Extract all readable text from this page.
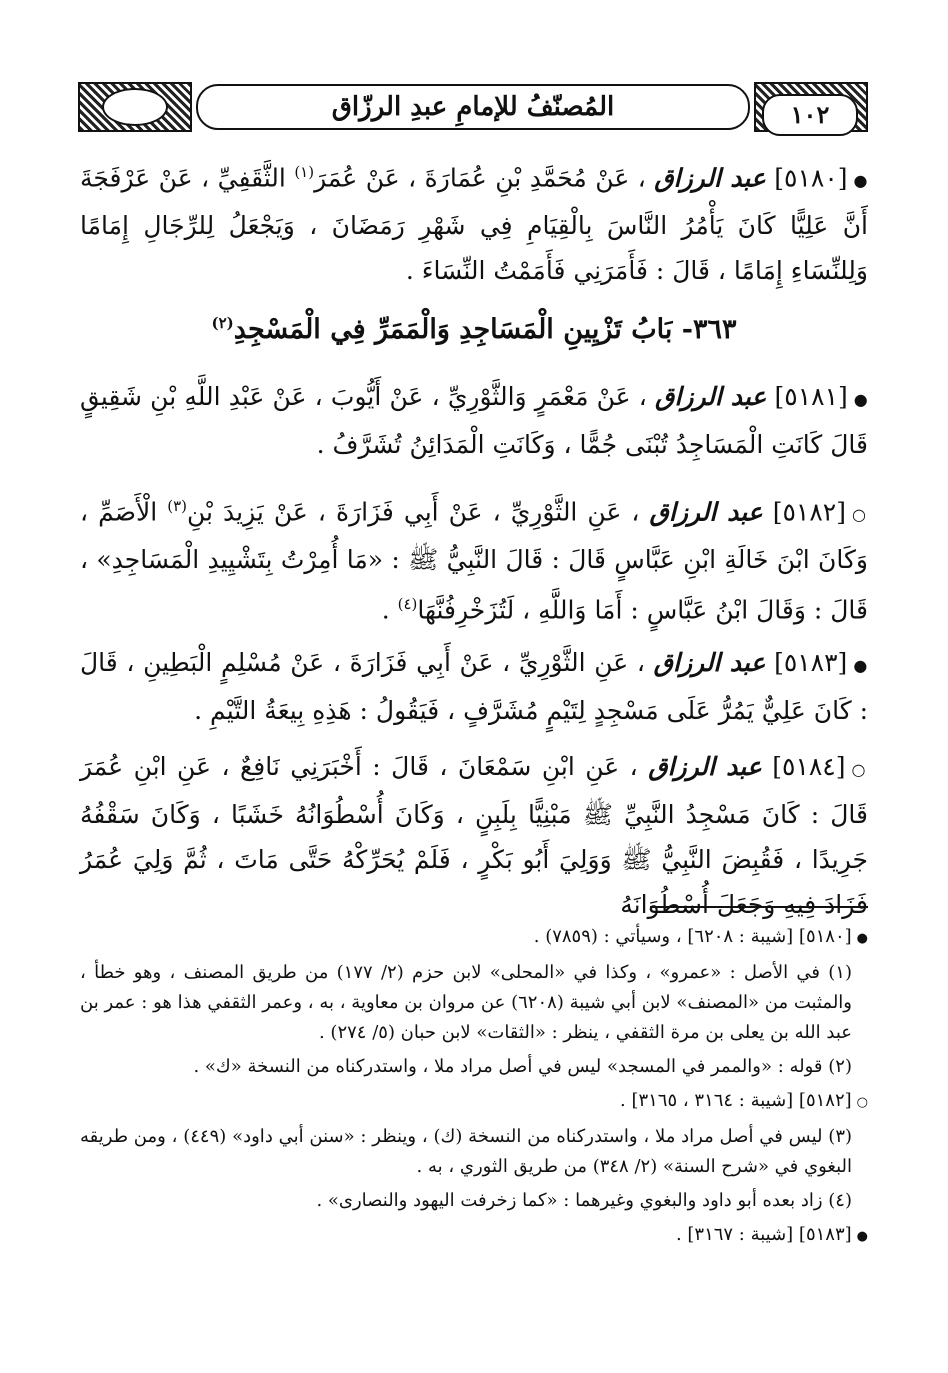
المُصنّفُ للإمامِ عبدِ الرزّاق	١٠٢

●[٥١٨٠] عبد الرزاق ، عَنْ مُحَمَّدِ بْنِ عُمَارَةَ ، عَنْ عُمَرَ$^{(١)}$ الثَّقَفِيِّ ، عَنْ عَرْفَجَةَ أَنَّ عَلِيًّا كَانَ يَأْمُرُ النَّاسَ بِالْقِيَامِ فِي شَهْرِ رَمَضَانَ ، وَيَجْعَلُ لِلرِّجَالِ إِمَامًا وَلِلنِّسَاءِ إِمَامًا ، قَالَ : فَأَمَرَنِي فَأَمَمْتُ النِّسَاءَ .

٣٦٣- بَابُ تَزْيِينِ الْمَسَاجِدِ وَالْمَمَرِّ فِي الْمَسْجِدِ$^{(٢)}$

●[٥١٨١] عبد الرزاق ، عَنْ مَعْمَرٍ وَالثَّوْرِيِّ ، عَنْ أَيُّوبَ ، عَنْ عَبْدِ اللَّهِ بْنِ شَقِيقٍ قَالَ كَانَتِ الْمَسَاجِدُ تُبْنَى جُمًّا ، وَكَانَتِ الْمَدَائِنُ تُشَرَّفُ .

○[٥١٨٢] عبد الرزاق ، عَنِ الثَّوْرِيِّ ، عَنْ أَبِي فَزَارَةَ ، عَنْ يَزِيدَ بْنِ$^{(٣)}$ الْأَصَمِّ ، وَكَانَ ابْنَ خَالَةِ ابْنِ عَبَّاسٍ قَالَ : قَالَ النَّبِيُّ ﷺ : «مَا أُمِرْتُ بِتَشْيِيدِ الْمَسَاجِدِ» ، قَالَ : وَقَالَ ابْنُ عَبَّاسٍ : أَمَا وَاللَّهِ ، لَتُزَخْرِفُنَّهَا$^{(٤)}$ .

●[٥١٨٣] عبد الرزاق ، عَنِ الثَّوْرِيِّ ، عَنْ أَبِي فَزَارَةَ ، عَنْ مُسْلِمٍ الْبَطِينِ ، قَالَ : كَانَ عَلِيٌّ يَمُرُّ عَلَى مَسْجِدٍ لِتَيْمٍ مُشَرَّفٍ ، فَيَقُولُ : هَذِهِ بِيعَةُ التَّيْمِ .

○[٥١٨٤] عبد الرزاق ، عَنِ ابْنِ سَمْعَانَ ، قَالَ : أَخْبَرَنِي نَافِعٌ ، عَنِ ابْنِ عُمَرَ قَالَ : كَانَ مَسْجِدُ النَّبِيِّ ﷺ مَبْنِيًّا بِلَبِنٍ ، وَكَانَ أُسْطُوَانُهُ خَشَبًا ، وَكَانَ سَقْفُهُ جَرِيدًا ، فَقُبِضَ النَّبِيُّ ﷺ وَوَلِيَ أَبُو بَكْرٍ ، فَلَمْ يُحَرِّكْهُ حَتَّى مَاتَ ، ثُمَّ وَلِيَ عُمَرُ فَزَادَ فِيهِ وَجَعَلَ أُسْطُوَانَهُ

●[٥١٨٠] [شيبة : ٦٢٠٨] ، وسيأتي : (٧٨٥٩) .

(١) في الأصل : «عمرو» ، وكذا في «المحلى» لابن حزم (٢/ ١٧٧) من طريق المصنف ، وهو خطأ ، والمثبت من «المصنف» لابن أبي شيبة (٦٢٠٨) عن مروان بن معاوية ، به ، وعمر الثقفي هذا هو : عمر بن عبد الله بن يعلى بن مرة الثقفي ، ينظر : «الثقات» لابن حبان (٥/ ٢٧٤) .

(٢) قوله : «والممر في المسجد» ليس في أصل مراد ملا ، واستدركناه من النسخة «ك» .

○[٥١٨٢] [شيبة : ٣١٦٤ ، ٣١٦٥] .

(٣) ليس في أصل مراد ملا ، واستدركناه من النسخة (ك) ، وينظر : «سنن أبي داود» (٤٤٩) ، ومن طريقه البغوي في «شرح السنة» (٢/ ٣٤٨) من طريق الثوري ، به .

(٤) زاد بعده أبو داود والبغوي وغيرهما : «كما زخرفت اليهود والنصارى» .

●[٥١٨٣] [شيبة : ٣١٦٧] .
